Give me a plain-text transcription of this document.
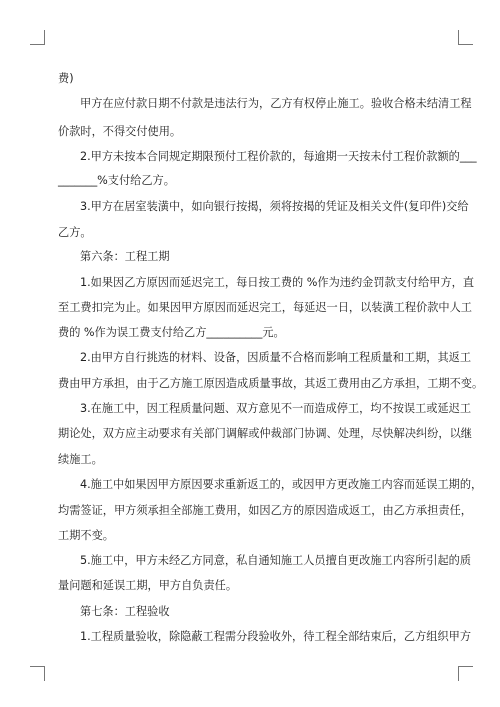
费)
甲方在应付款日期不付款是违法行为，乙方有权停止施工。验收合格未结清工程
价款时，不得交付使用。
2.甲方未按本合同规定期限预付工程价款的，每逾期一天按未付工程价款额的___
_______%支付给乙方。
3.甲方在居室装潢中，如向银行按揭，须将按揭的凭证及相关文件(复印件)交给
乙方。
第六条：工程工期
1.如果因乙方原因而延迟完工，每日按工费的 %作为违约金罚款支付给甲方，直
至工费扣完为止。如果因甲方原因而延迟完工，每延迟一日，以装潢工程价款中人工
费的 %作为误工费支付给乙方__________元。
2.由甲方自行挑选的材料、设备，因质量不合格而影响工程质量和工期，其返工
费由甲方承担，由于乙方施工原因造成质量事故，其返工费用由乙方承担，工期不变。
3.在施工中，因工程质量问题、双方意见不一而造成停工，均不按误工或延迟工
期论处，双方应主动要求有关部门调解或仲裁部门协调、处理，尽快解决纠纷，以继
续施工。
4.施工中如果因甲方原因要求重新返工的，或因甲方更改施工内容而延误工期的，
均需签证，甲方须承担全部施工费用，如因乙方的原因造成返工，由乙方承担责任，
工期不变。
5.施工中，甲方未经乙方同意，私自通知施工人员擅自更改施工内容所引起的质
量问题和延误工期，甲方自负责任。
第七条：工程验收
1.工程质量验收，除隐蔽工程需分段验收外，待工程全部结束后，乙方组织甲方
